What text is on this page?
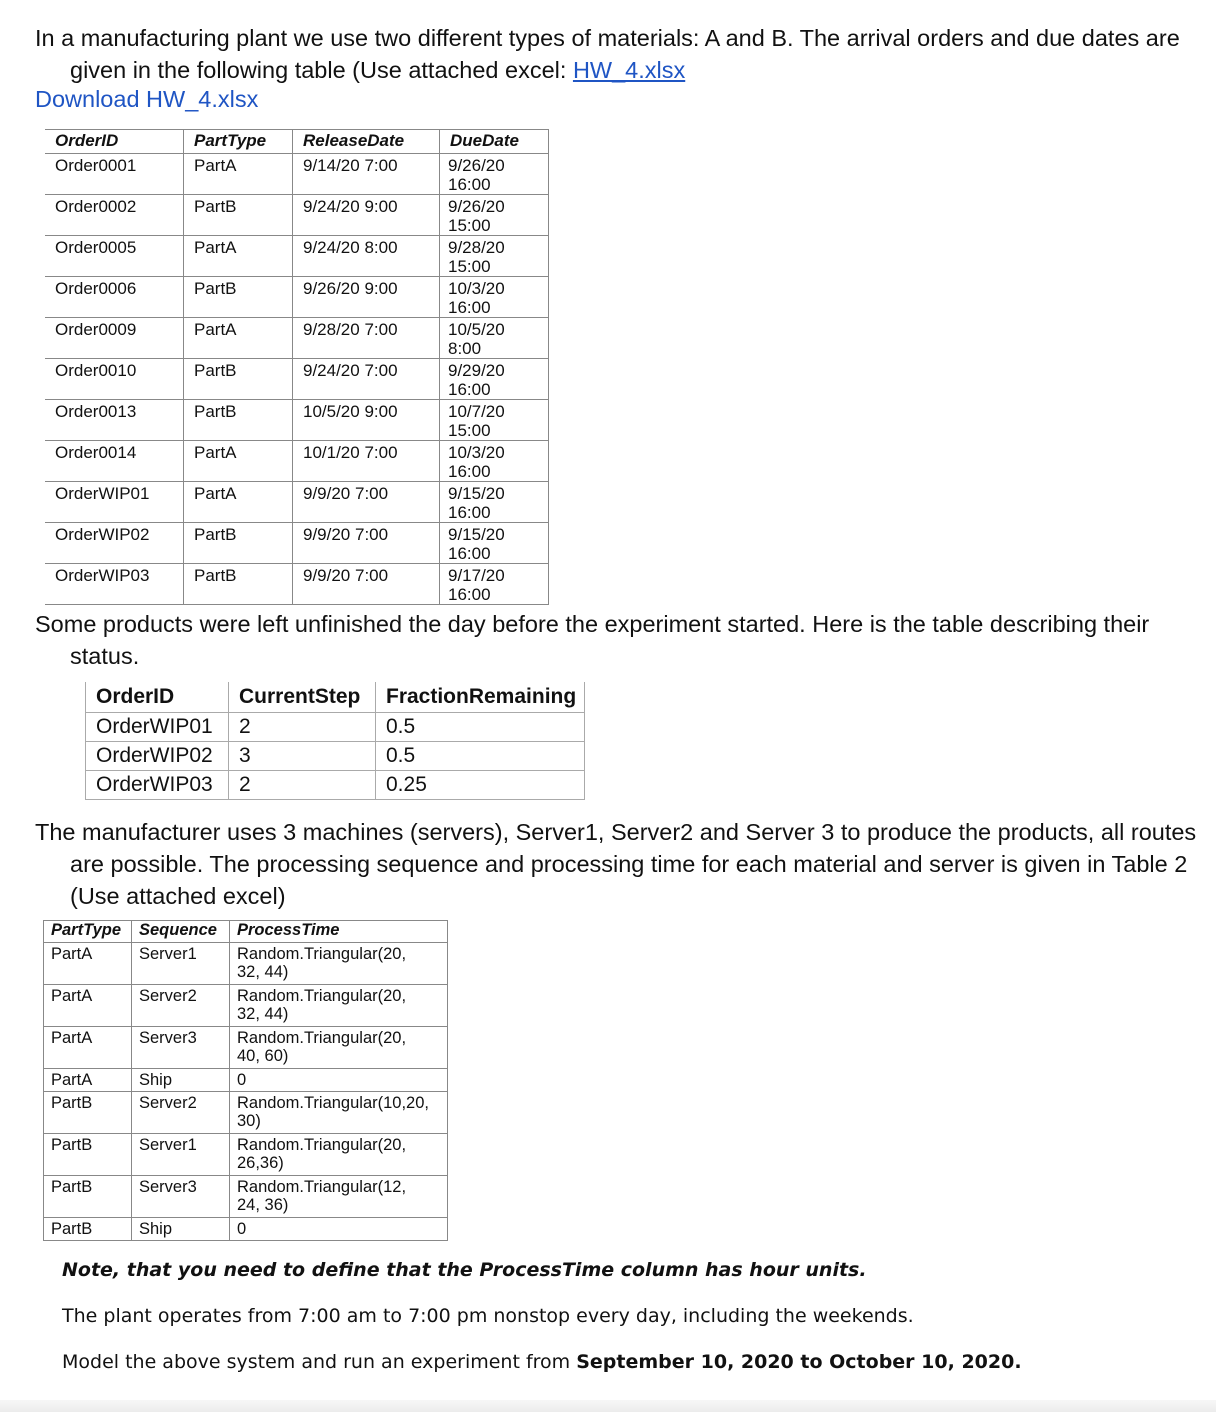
In a manufacturing plant we use two different types of materials: A and B. The arrival orders and due dates are given in the following table (Use attached excel: HW_4.xlsx

Download HW_4.xlsx
OrderID	PartType	ReleaseDate	DueDate
Order0001	PartA	9/14/20 7:00	9/26/20
16:00

Order0002	PartB	9/24/20 9:00	9/26/20
15:00

Order0005	PartA	9/24/20 8:00	9/28/20
15:00

Order0006	PartB	9/26/20 9:00	10/3/20
16:00

Order0009	PartA	9/28/20 7:00	10/5/20
8:00

Order0010	PartB	9/24/20 7:00	9/29/20
16:00

Order0013	PartB	10/5/20 9:00	10/7/20
15:00

Order0014	PartA	10/1/20 7:00	10/3/20
16:00

OrderWIP01	PartA	9/9/20 7:00	9/15/20
16:00

OrderWIP02	PartB	9/9/20 7:00	9/15/20
16:00

OrderWIP03	PartB	9/9/20 7:00	9/17/20
16:00

Some products were left unfinished the day before the experiment started. Here is the table describing their status.

OrderID	CurrentStep	FractionRemaining
OrderWIP01	2	0.5
OrderWIP02	3	0.5
OrderWIP03	2	0.25

The manufacturer uses 3 machines (servers), Server1, Server2 and Server 3 to produce the products, all routes are possible. The processing sequence and processing time for each material and server is given in Table 2 (Use attached excel)

PartType	Sequence	ProcessTime
PartA	Server1	Random.Triangular(20,
32, 44)

PartA	Server2	Random.Triangular(20,
32, 44)

PartA	Server3	Random.Triangular(20,
40, 60)

PartA	Ship	0

PartB	Server2	Random.Triangular(10,20,
30)

PartB	Server1	Random.Triangular(20,
26,36)

PartB	Server3	Random.Triangular(12,
24, 36)

PartB	Ship	0

Note, that you need to define that the ProcessTime column has hour units.

The plant operates from 7:00 am to 7:00 pm nonstop every day, including the weekends.

Model the above system and run an experiment from September 10, 2020 to October 10, 2020.
